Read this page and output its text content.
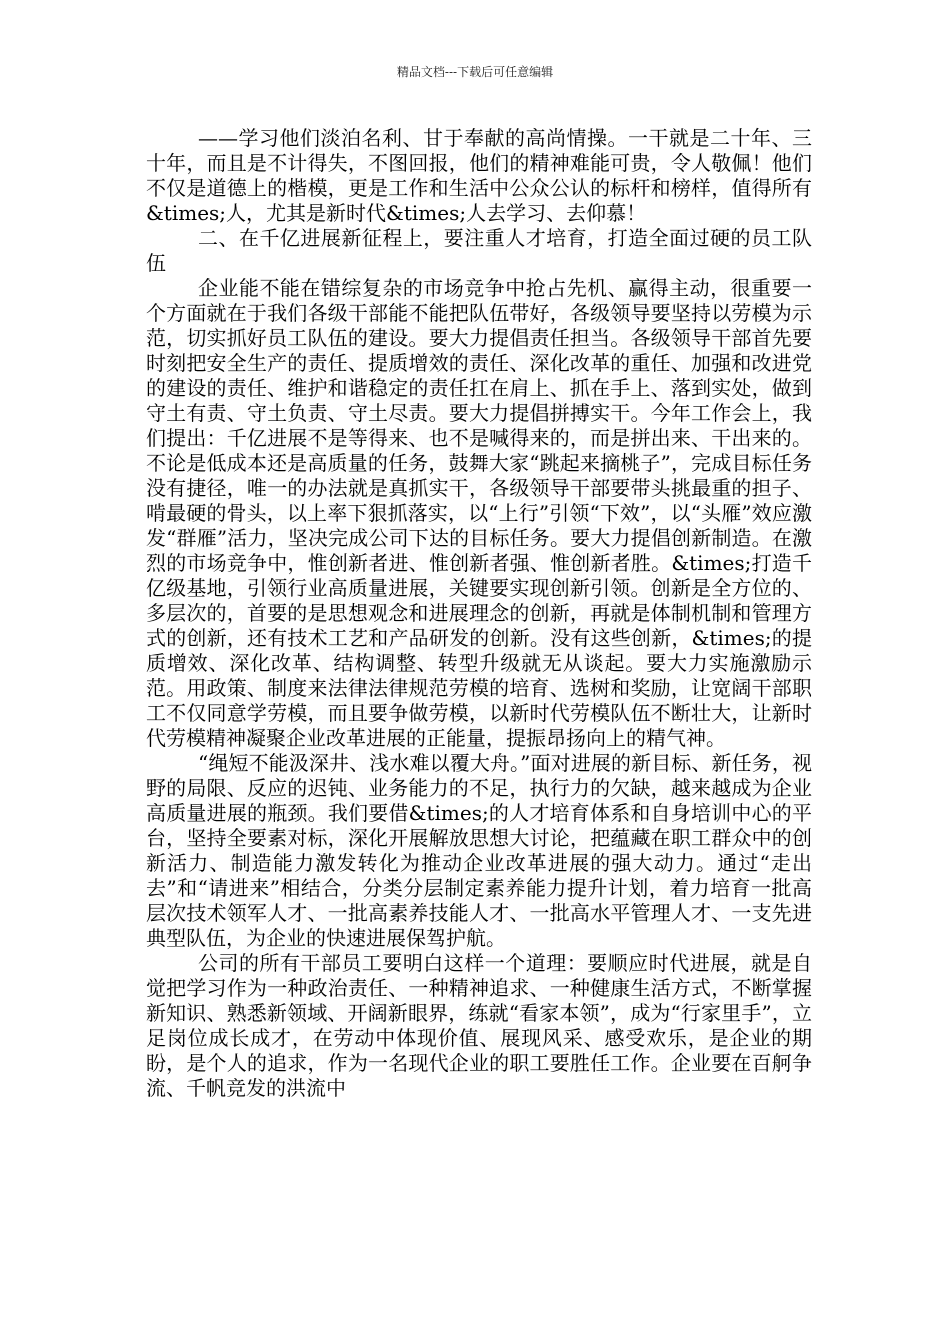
精品文档---下载后可任意编辑

——学习他们淡泊名利、甘于奉献的高尚情操。一干就是二十年、三十年，而且是不计得失，不图回报，他们的精神难能可贵，令人敬佩！他们不仅是道德上的楷模，更是工作和生活中公众公认的标杆和榜样，值得所有&times;人，尤其是新时代&times;人去学习、去仰慕！

二、在千亿进展新征程上，要注重人才培育，打造全面过硬的员工队伍

企业能不能在错综复杂的市场竞争中抢占先机、赢得主动，很重要一个方面就在于我们各级干部能不能把队伍带好，各级领导要坚持以劳模为示范，切实抓好员工队伍的建设。要大力提倡责任担当。各级领导干部首先要时刻把安全生产的责任、提质增效的责任、深化改革的重任、加强和改进党的建设的责任、维护和谐稳定的责任扛在肩上、抓在手上、落到实处，做到守土有责、守土负责、守土尽责。要大力提倡拼搏实干。今年工作会上，我们提出：千亿进展不是等得来、也不是喊得来的，而是拼出来、干出来的。不论是低成本还是高质量的任务，鼓舞大家“跳起来摘桃子”，完成目标任务没有捷径，唯一的办法就是真抓实干，各级领导干部要带头挑最重的担子、啃最硬的骨头，以上率下狠抓落实，以“上行”引领“下效”，以“头雁”效应激发“群雁”活力，坚决完成公司下达的目标任务。要大力提倡创新制造。在激烈的市场竞争中，惟创新者进、惟创新者强、惟创新者胜。&times;打造千亿级基地，引领行业高质量进展，关键要实现创新引领。创新是全方位的、多层次的，首要的是思想观念和进展理念的创新，再就是体制机制和管理方式的创新，还有技术工艺和产品研发的创新。没有这些创新，&times;的提质增效、深化改革、结构调整、转型升级就无从谈起。要大力实施激励示范。用政策、制度来法律法律规范劳模的培育、选树和奖励，让宽阔干部职工不仅同意学劳模，而且要争做劳模，以新时代劳模队伍不断壮大，让新时代劳模精神凝聚企业改革进展的正能量，提振昂扬向上的精气神。

“绳短不能汲深井、浅水难以覆大舟。”面对进展的新目标、新任务，视野的局限、反应的迟钝、业务能力的不足，执行力的欠缺，越来越成为企业高质量进展的瓶颈。我们要借&times;的人才培育体系和自身培训中心的平台，坚持全要素对标，深化开展解放思想大讨论，把蕴藏在职工群众中的创新活力、制造能力激发转化为推动企业改革进展的强大动力。通过“走出去”和“请进来”相结合，分类分层制定素养能力提升计划，着力培育一批高层次技术领军人才、一批高素养技能人才、一批高水平管理人才、一支先进典型队伍，为企业的快速进展保驾护航。

公司的所有干部员工要明白这样一个道理：要顺应时代进展，就是自觉把学习作为一种政治责任、一种精神追求、一种健康生活方式，不断掌握新知识、熟悉新领域、开阔新眼界，练就“看家本领”，成为“行家里手”，立足岗位成长成才，在劳动中体现价值、展现风采、感受欢乐，是企业的期盼，是个人的追求，作为一名现代企业的职工要胜任工作。企业要在百舸争流、千帆竞发的洪流中
